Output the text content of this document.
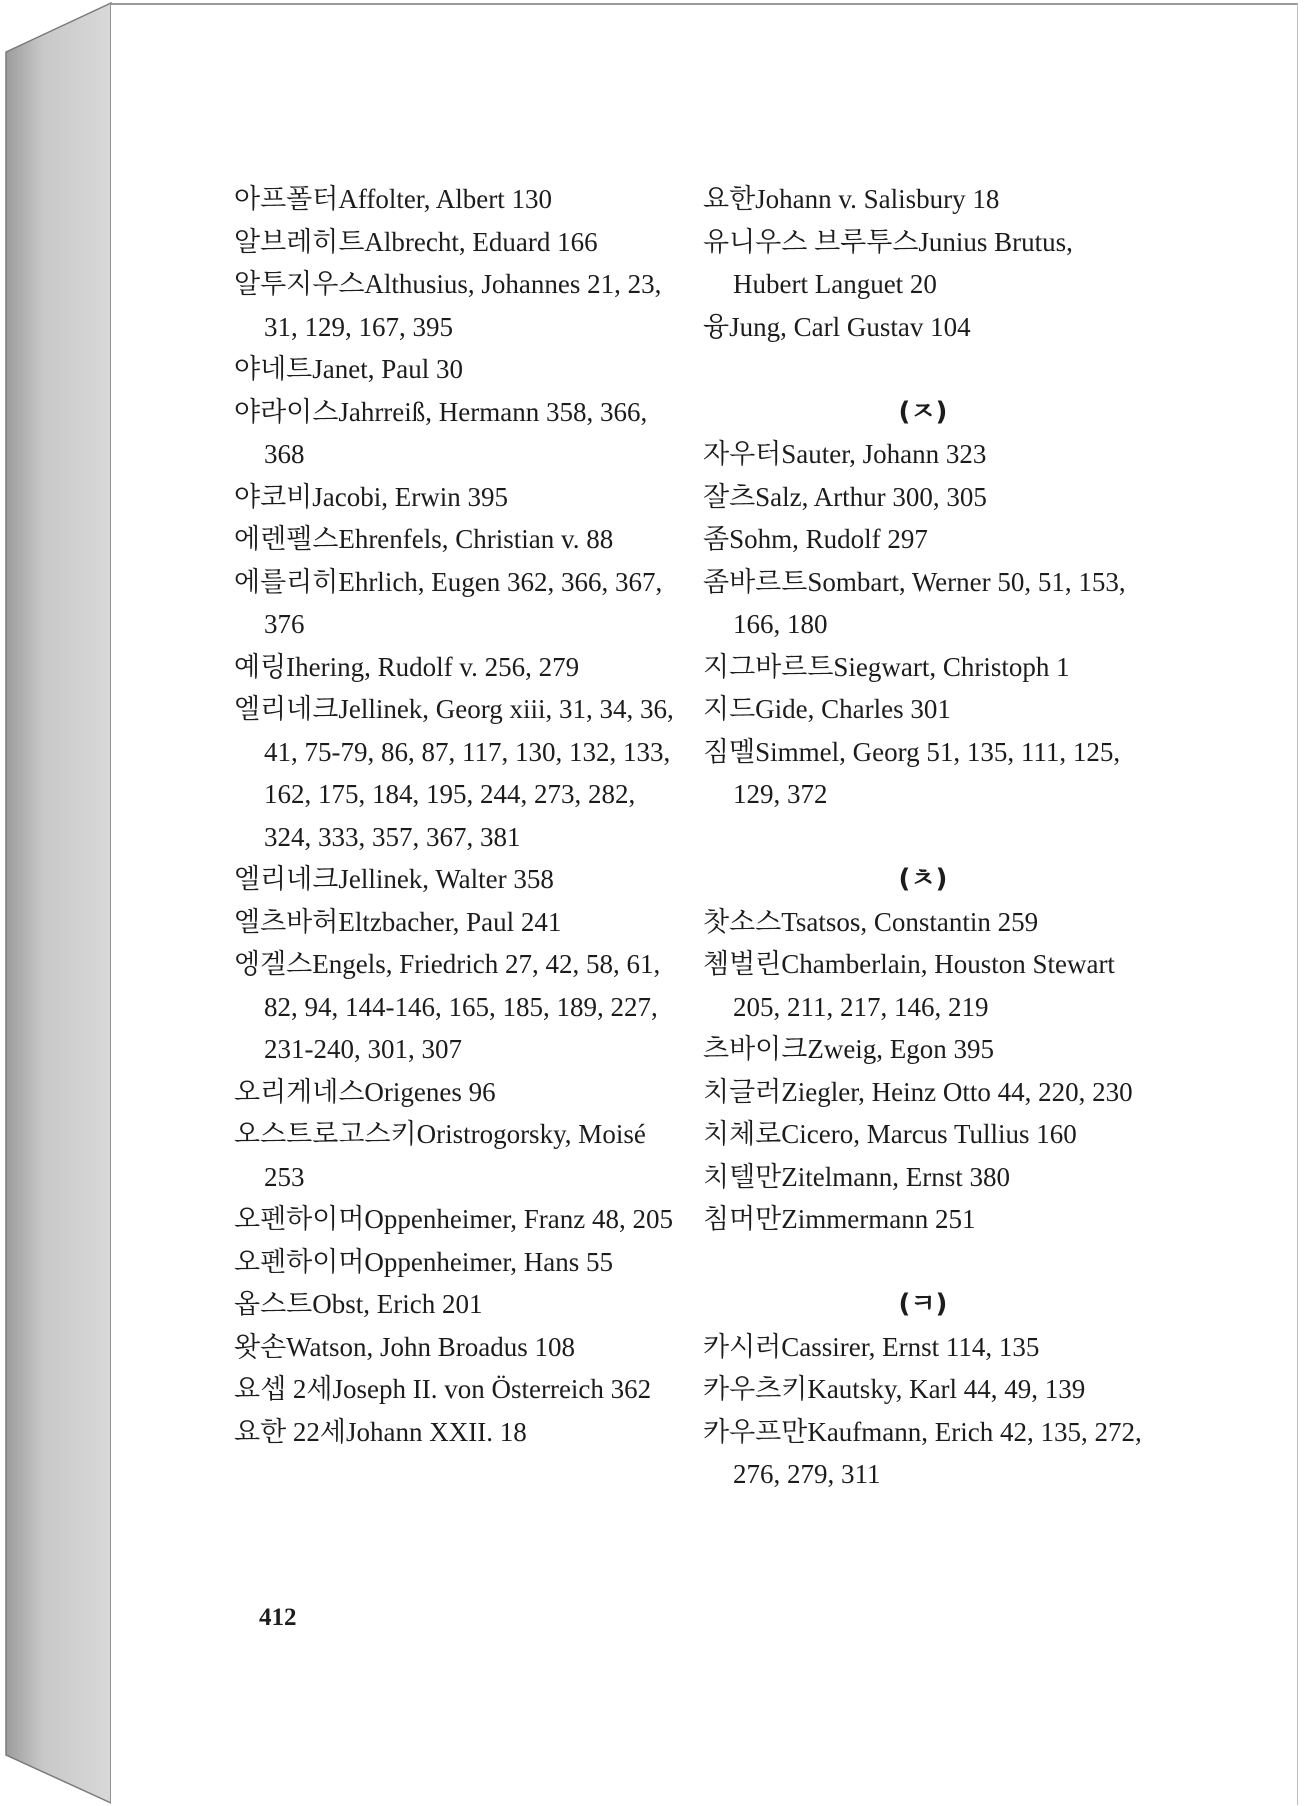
아프폴터Affolter, Albert 130
알브레히트Albrecht, Eduard 166
알투지우스Althusius, Johannes 21, 23, 31, 129, 167, 395
야네트Janet, Paul 30
야라이스Jahrreiß, Hermann 358, 366, 368
야코비Jacobi, Erwin 395
에렌펠스Ehrenfels, Christian v. 88
에를리히Ehrlich, Eugen 362, 366, 367, 376
예링Ihering, Rudolf v. 256, 279
엘리네크Jellinek, Georg xiii, 31, 34, 36, 41, 75-79, 86, 87, 117, 130, 132, 133, 162, 175, 184, 195, 244, 273, 282, 324, 333, 357, 367, 381
엘리네크Jellinek, Walter 358
엘츠바허Eltzbacher, Paul 241
엥겔스Engels, Friedrich 27, 42, 58, 61, 82, 94, 144-146, 165, 185, 189, 227, 231-240, 301, 307
오리게네스Origenes 96
오스트로고스키Oristrogorsky, Moisé 253
오펜하이머Oppenheimer, Franz 48, 205
오펜하이머Oppenheimer, Hans 55
옵스트Obst, Erich 201
왓손Watson, John Broadus 108
요셉 2세Joseph II. von Österreich 362
요한 22세Johann XXII. 18
요한Johann v. Salisbury 18
유니우스 브루투스Junius Brutus, Hubert Languet 20
융Jung, Carl Gustav 104
(ㅈ)
자우터Sauter, Johann 323
잘츠Salz, Arthur 300, 305
좀Sohm, Rudolf 297
좀바르트Sombart, Werner 50, 51, 153, 166, 180
지그바르트Siegwart, Christoph 1
지드Gide, Charles 301
짐멜Simmel, Georg 51, 135, 111, 125, 129, 372
(ㅊ)
찻소스Tsatsos, Constantin 259
쳄벌린Chamberlain, Houston Stewart 205, 211, 217, 146, 219
츠바이크Zweig, Egon 395
치글러Ziegler, Heinz Otto 44, 220, 230
치체로Cicero, Marcus Tullius 160
치텔만Zitelmann, Ernst 380
침머만Zimmermann 251
(ㅋ)
카시러Cassirer, Ernst 114, 135
카우츠키Kautsky, Karl 44, 49, 139
카우프만Kaufmann, Erich 42, 135, 272, 276, 279, 311
412
